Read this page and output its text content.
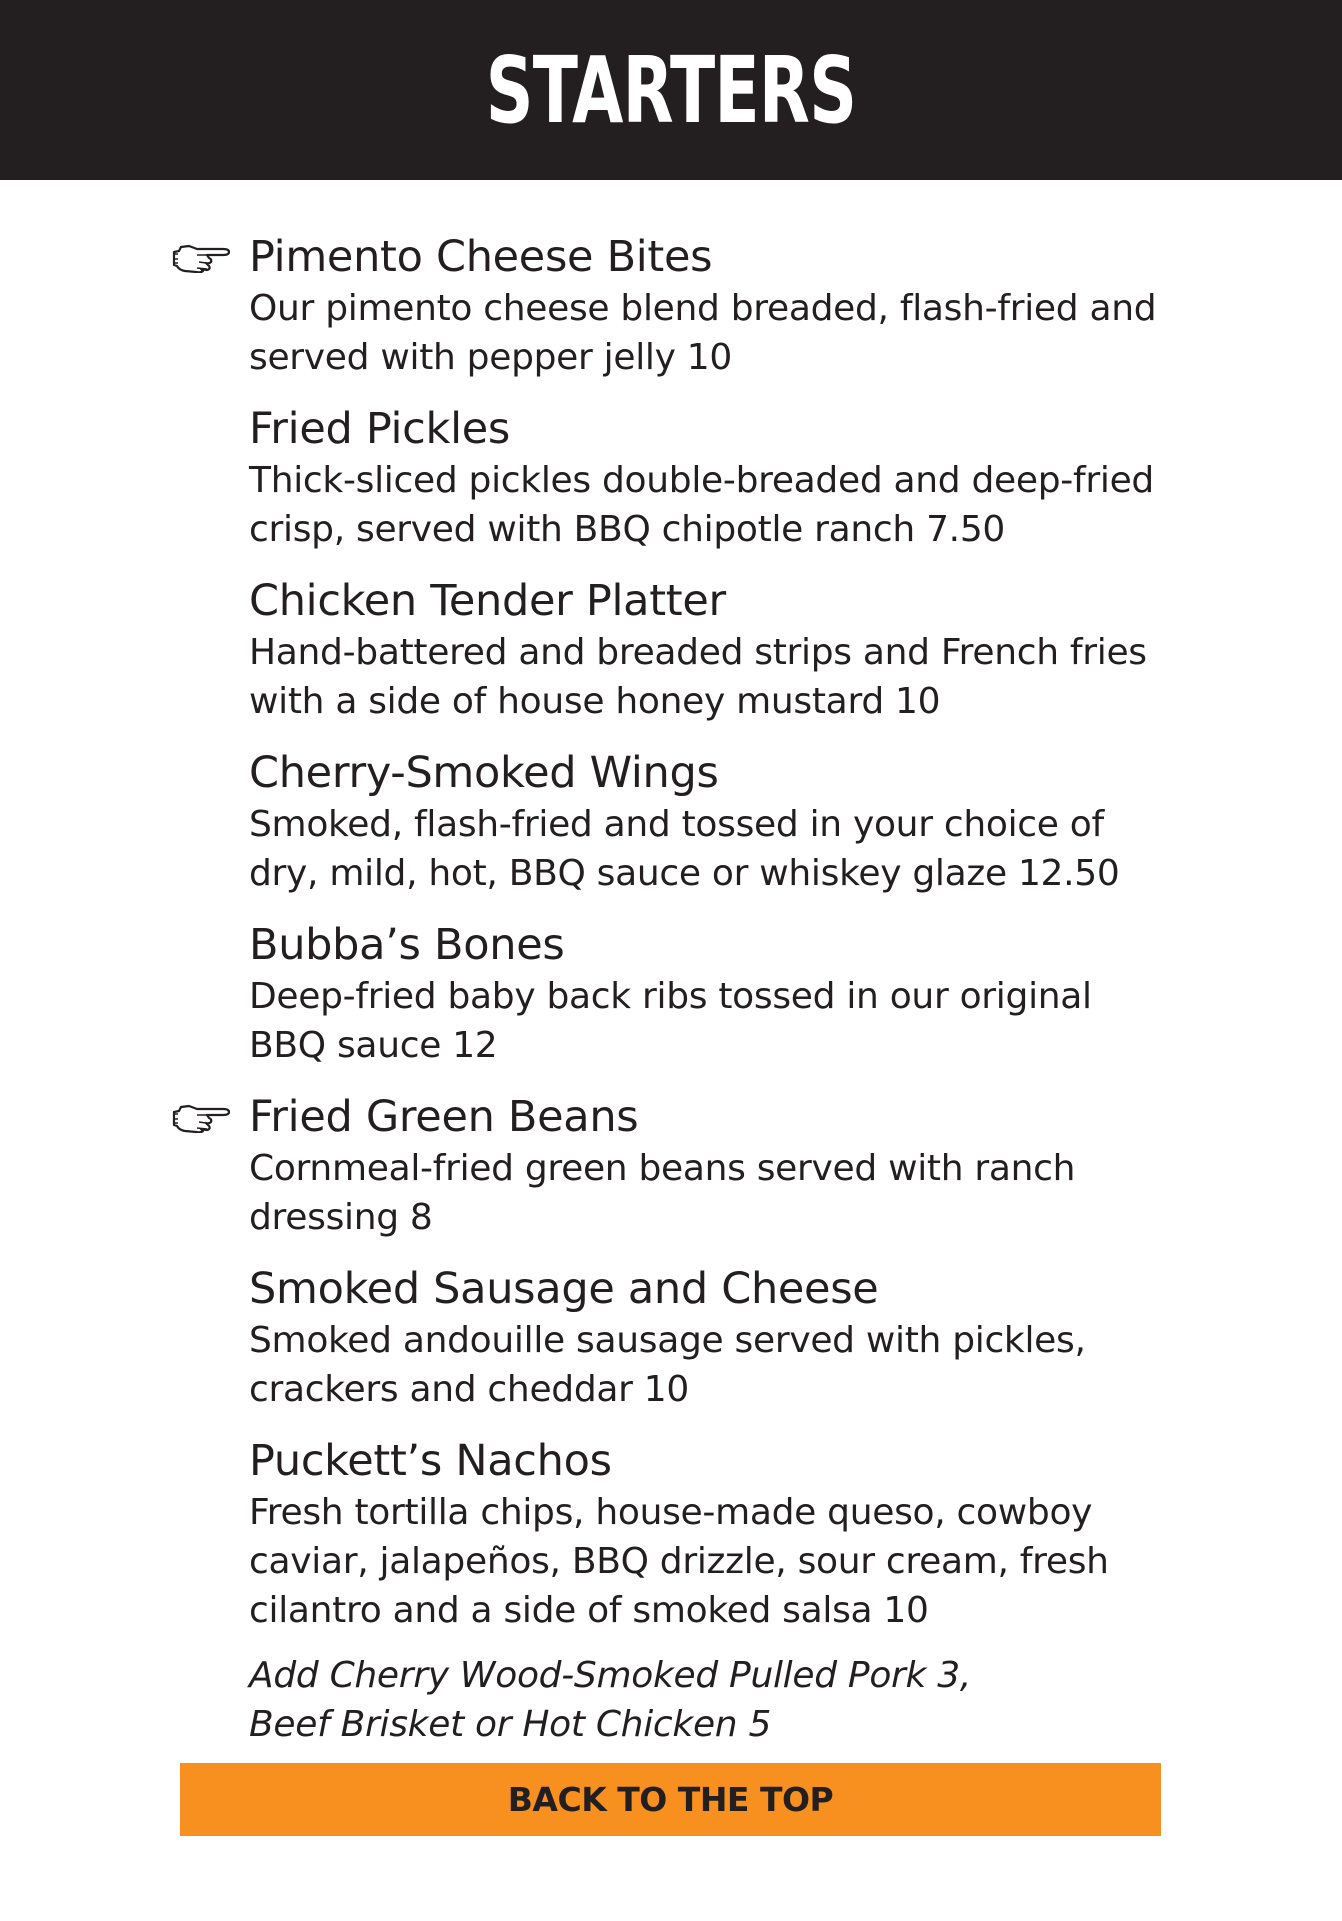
STARTERS
Pimento Cheese Bites
Our pimento cheese blend breaded, flash-fried and served with pepper jelly 10
Fried Pickles
Thick-sliced pickles double-breaded and deep-fried crisp, served with BBQ chipotle ranch 7.50
Chicken Tender Platter
Hand-battered and breaded strips and French fries with a side of house honey mustard 10
Cherry-Smoked Wings
Smoked, flash-fried and tossed in your choice of dry, mild, hot, BBQ sauce or whiskey glaze 12.50
Bubba’s Bones
Deep-fried baby back ribs tossed in our original BBQ sauce 12
Fried Green Beans
Cornmeal-fried green beans served with ranch dressing 8
Smoked Sausage and Cheese
Smoked andouille sausage served with pickles, crackers and cheddar 10
Puckett’s Nachos
Fresh tortilla chips, house-made queso, cowboy caviar, jalapeños, BBQ drizzle, sour cream, fresh cilantro and a side of smoked salsa 10
Add Cherry Wood-Smoked Pulled Pork 3,
Beef Brisket or Hot Chicken 5
BACK TO THE TOP
